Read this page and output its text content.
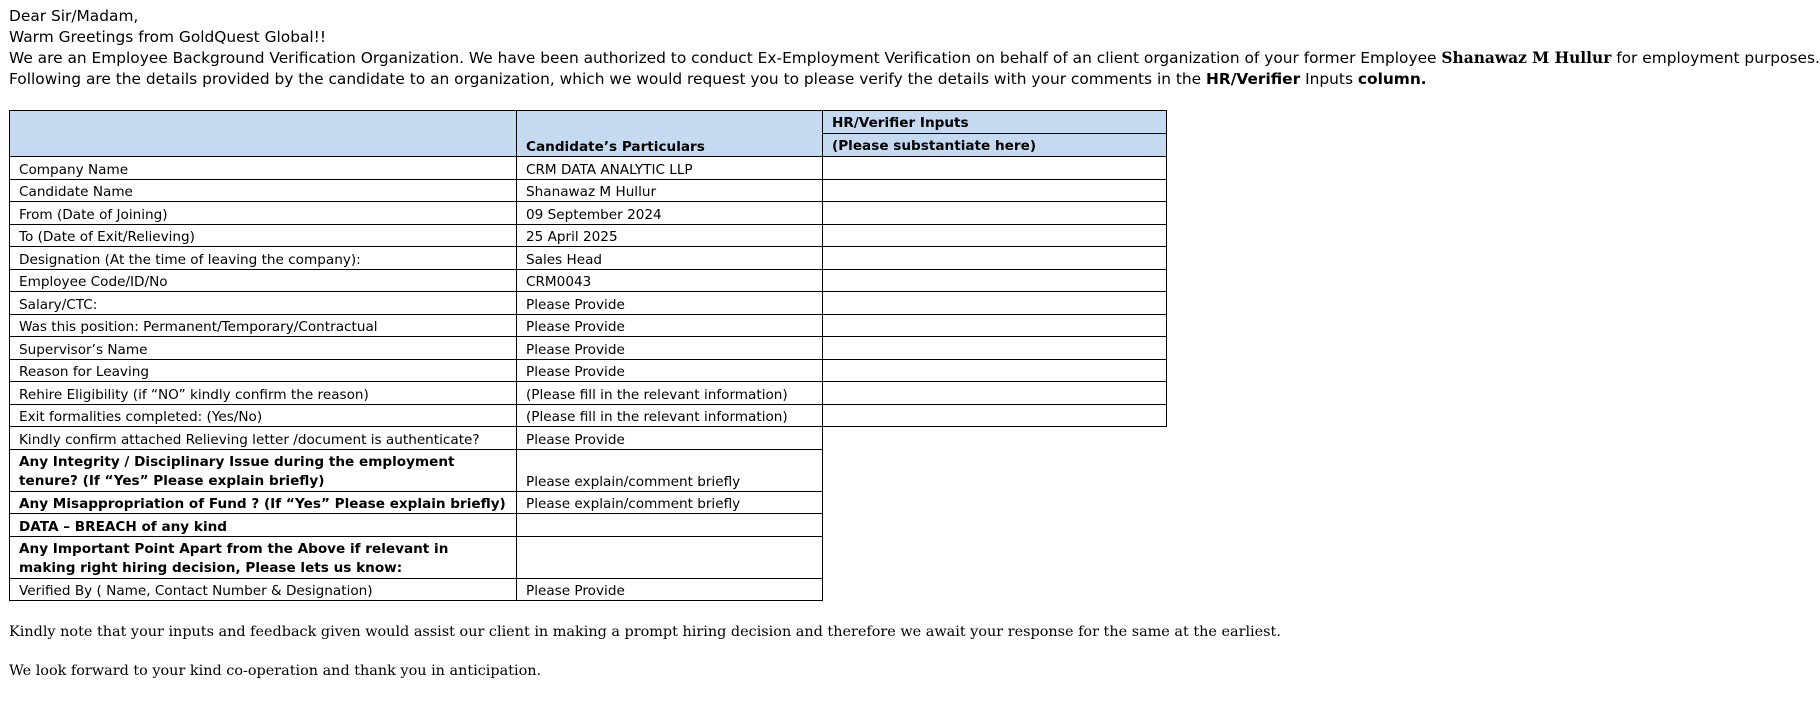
Dear Sir/Madam,
Warm Greetings from GoldQuest Global!!
We are an Employee Background Verification Organization. We have been authorized to conduct Ex-Employment Verification on behalf of an client organization of your former Employee Shanawaz M Hullur for employment purposes.
Following are the details provided by the candidate to an organization, which we would request you to please verify the details with your comments in the HR/Verifier Inputs column.
	Candidate’s Particulars	HR/Verifier Inputs
(Please substantiate here)

Company Name	CRM DATA ANALYTIC LLP	
Candidate Name	Shanawaz M Hullur	
From (Date of Joining)	09 September 2024	
To (Date of Exit/Relieving)	25 April 2025	
Designation (At the time of leaving the company):	Sales Head	
Employee Code/ID/No	CRM0043	
Salary/CTC:	Please Provide	
Was this position: Permanent/Temporary/Contractual	Please Provide	
Supervisor’s Name	Please Provide	
Reason for Leaving	Please Provide	
Rehire Eligibility (if “NO” kindly confirm the reason)	(Please fill in the relevant information)	
Exit formalities completed: (Yes/No)	(Please fill in the relevant information)	
Kindly confirm attached Relieving letter /document is authenticate?	Please Provide	
Any Integrity / Disciplinary Issue during the employment tenure? (If “Yes” Please explain briefly)	Please explain/comment briefly	
Any Misappropriation of Fund ? (If “Yes” Please explain briefly)	Please explain/comment briefly	
DATA – BREACH of any kind		
Any Important Point Apart from the Above if relevant in making right hiring decision, Please lets us know:		
Verified By ( Name, Contact Number & Designation)	Please Provide	
Kindly note that your inputs and feedback given would assist our client in making a prompt hiring decision and therefore we await your response for the same at the earliest.
We look forward to your kind co-operation and thank you in anticipation.
